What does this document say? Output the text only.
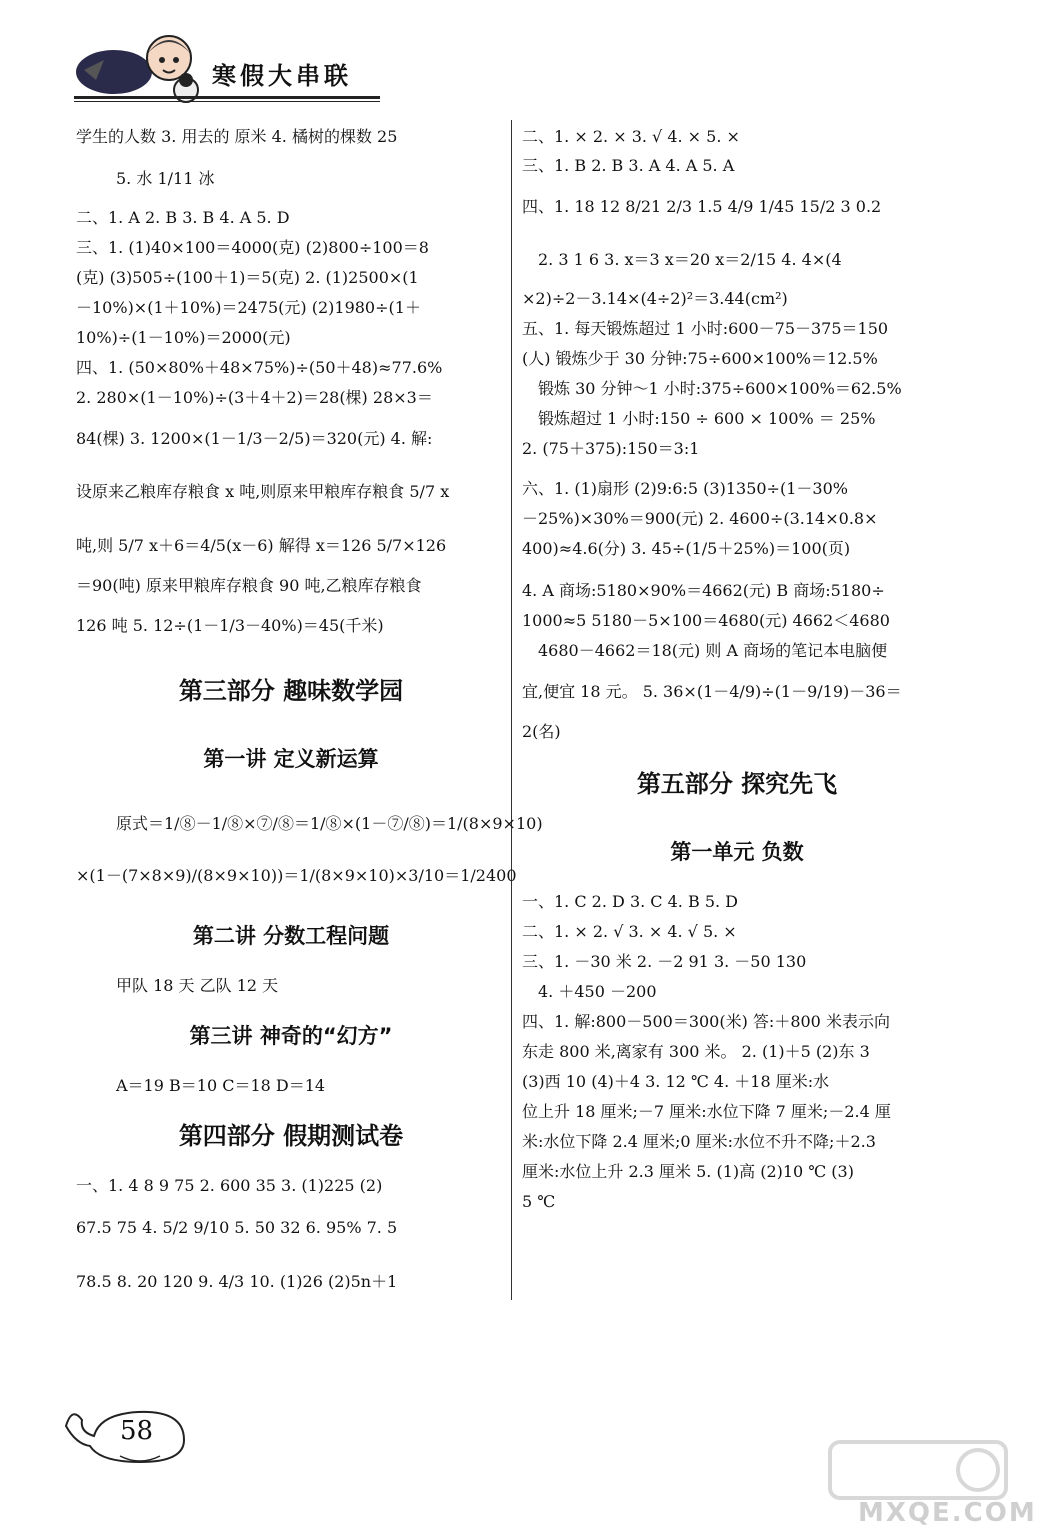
寒假大串联
学生的人数 3. 用去的 原米 4. 橘树的棵数 25
5. 水 1/11 冰
二、1. A 2. B 3. B 4. A 5. D
三、1. (1)40×100＝4000(克) (2)800÷100＝8
(克) (3)505÷(100＋1)＝5(克) 2. (1)2500×(1
－10%)×(1＋10%)＝2475(元) (2)1980÷(1＋
10%)÷(1－10%)＝2000(元)
四、1. (50×80%＋48×75%)÷(50＋48)≈77.6%
2. 280×(1－10%)÷(3＋4＋2)＝28(棵) 28×3＝
84(棵) 3. 1200×(1－1/3－2/5)＝320(元) 4. 解:
设原来乙粮库存粮食 x 吨,则原来甲粮库存粮食 5/7 x
吨,则 5/7 x＋6＝4/5(x－6) 解得 x＝126 5/7×126
＝90(吨) 原来甲粮库存粮食 90 吨,乙粮库存粮食
126 吨 5. 12÷(1－1/3－40%)＝45(千米)
第三部分 趣味数学园
第一讲 定义新运算
原式＝1/⑧－1/⑧×⑦/⑧＝1/⑧×(1－⑦/⑧)＝1/(8×9×10)
×(1－(7×8×9)/(8×9×10))＝1/(8×9×10)×3/10＝1/2400
第二讲 分数工程问题
甲队 18 天 乙队 12 天
第三讲 神奇的“幻方”
A＝19 B＝10 C＝18 D＝14
第四部分 假期测试卷
一、1. 4 8 9 75 2. 600 35 3. (1)225 (2)
67.5 75 4. 5/2 9/10 5. 50 32 6. 95% 7. 5
78.5 8. 20 120 9. 4/3 10. (1)26 (2)5n＋1
二、1. × 2. × 3. √ 4. × 5. ×
三、1. B 2. B 3. A 4. A 5. A
四、1. 18 12 8/21 2/3 1.5 4/9 1/45 15/2 3 0.2
2. 3 1 6 3. x＝3 x＝20 x＝2/15 4. 4×(4
×2)÷2－3.14×(4÷2)²＝3.44(cm²)
五、1. 每天锻炼超过 1 小时:600－75－375＝150
(人) 锻炼少于 30 分钟:75÷600×100%＝12.5%
锻炼 30 分钟～1 小时:375÷600×100%＝62.5%
锻炼超过 1 小时:150 ÷ 600 × 100% ＝ 25%
2. (75＋375):150＝3:1
六、1. (1)扇形 (2)9:6:5 (3)1350÷(1－30%
－25%)×30%＝900(元) 2. 4600÷(3.14×0.8×
400)≈4.6(分) 3. 45÷(1/5＋25%)＝100(页)
4. A 商场:5180×90%＝4662(元) B 商场:5180÷
1000≈5 5180－5×100＝4680(元) 4662＜4680
4680－4662＝18(元) 则 A 商场的笔记本电脑便
宜,便宜 18 元。 5. 36×(1－4/9)÷(1－9/19)－36＝
2(名)
第五部分 探究先飞
第一单元 负数
一、1. C 2. D 3. C 4. B 5. D
二、1. × 2. √ 3. × 4. √ 5. ×
三、1. －30 米 2. －2 91 3. －50 130
4. ＋450 －200
四、1. 解:800－500＝300(米) 答:＋800 米表示向
东走 800 米,离家有 300 米。 2. (1)＋5 (2)东 3
(3)西 10 (4)＋4 3. 12 ℃ 4. ＋18 厘米:水
位上升 18 厘米;－7 厘米:水位下降 7 厘米;－2.4 厘
米:水位下降 2.4 厘米;0 厘米:水位不升不降;＋2.3
厘米:水位上升 2.3 厘米 5. (1)高 (2)10 ℃ (3)
5 ℃
58
MXQE.COM
